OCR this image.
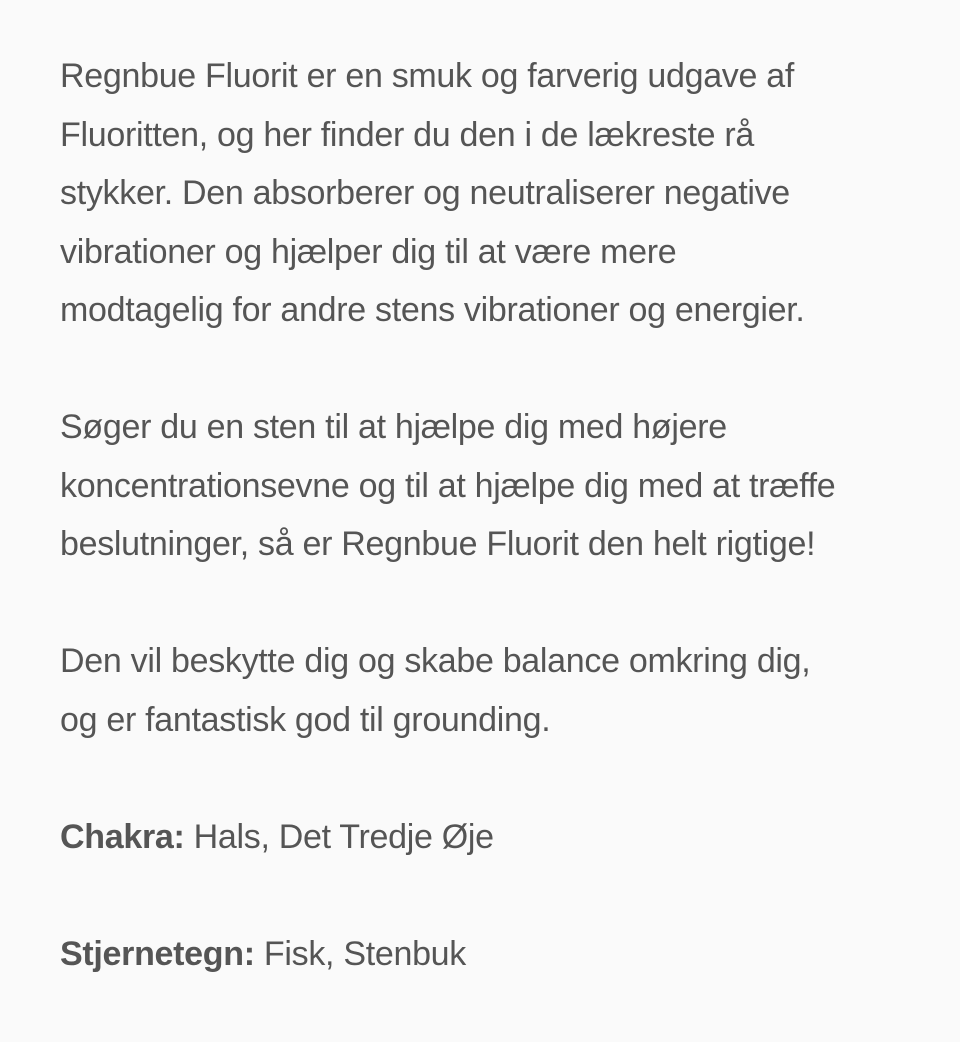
Regnbue Fluorit er en smuk og farverig udgave af
Fluoritten, og her finder du den i de lækreste rå
stykker. Den absorberer og neutraliserer negative
vibrationer og hjælper dig til at være mere
modtagelig for andre stens vibrationer og energier.

Søger du en sten til at hjælpe dig med højere
koncentrationsevne og til at hjælpe dig med at træffe
beslutninger, så er Regnbue Fluorit den helt rigtige!

Den vil beskytte dig og skabe balance omkring dig,
og er fantastisk god til grounding.

Chakra: Hals, Det Tredje Øje

Stjernetegn: Fisk, Stenbuk
